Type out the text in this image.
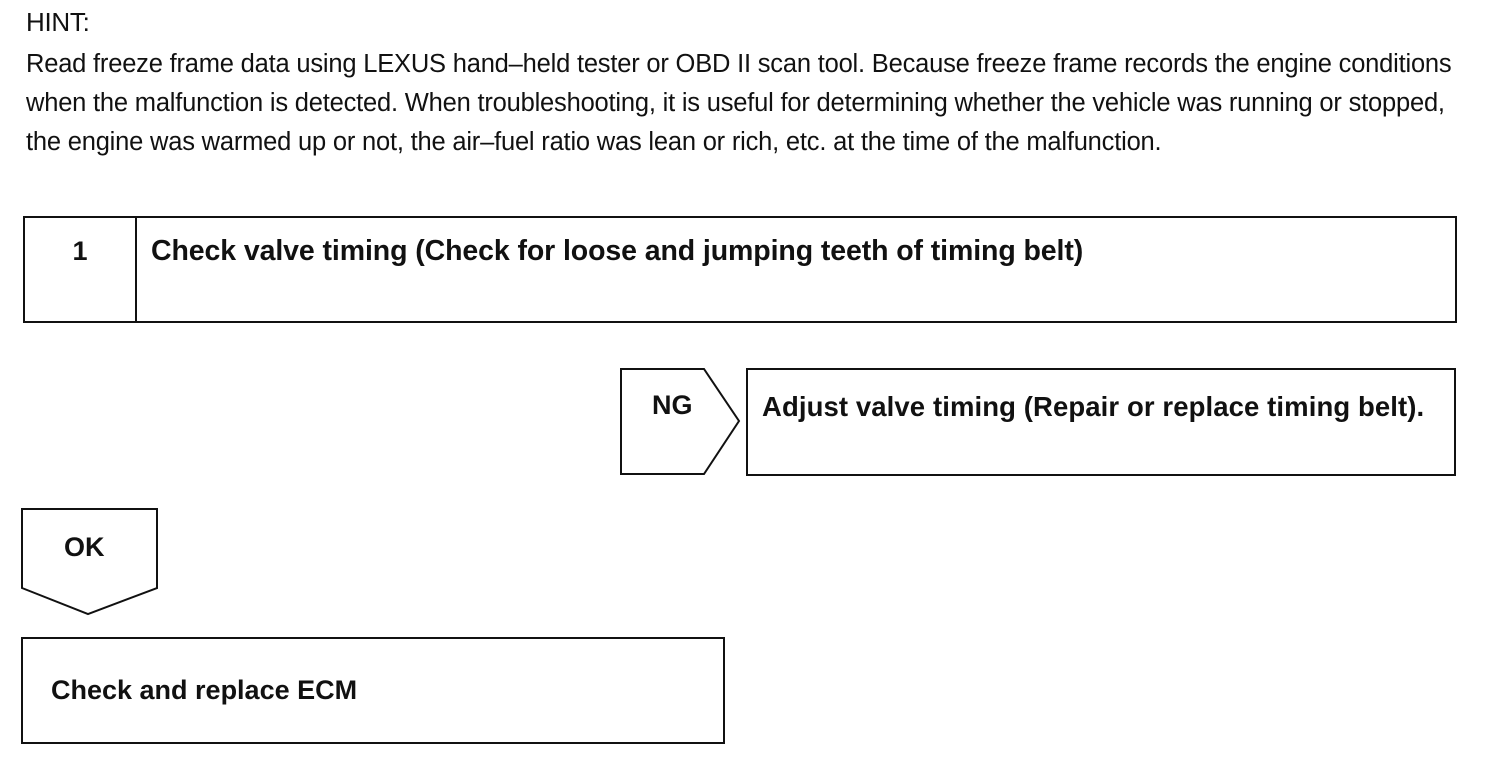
HINT:
Read freeze frame data using LEXUS hand–held tester or OBD II scan tool. Because freeze frame records the engine conditions when the malfunction is detected. When troubleshooting, it is useful for determining whether the vehicle was running or stopped, the engine was warmed up or not, the air–fuel ratio was lean or rich, etc. at the time of the malfunction.
1	Check valve timing (Check for loose and jumping teeth of timing belt)
NG	Adjust valve timing (Repair or replace timing belt).
OK
Check and replace ECM
